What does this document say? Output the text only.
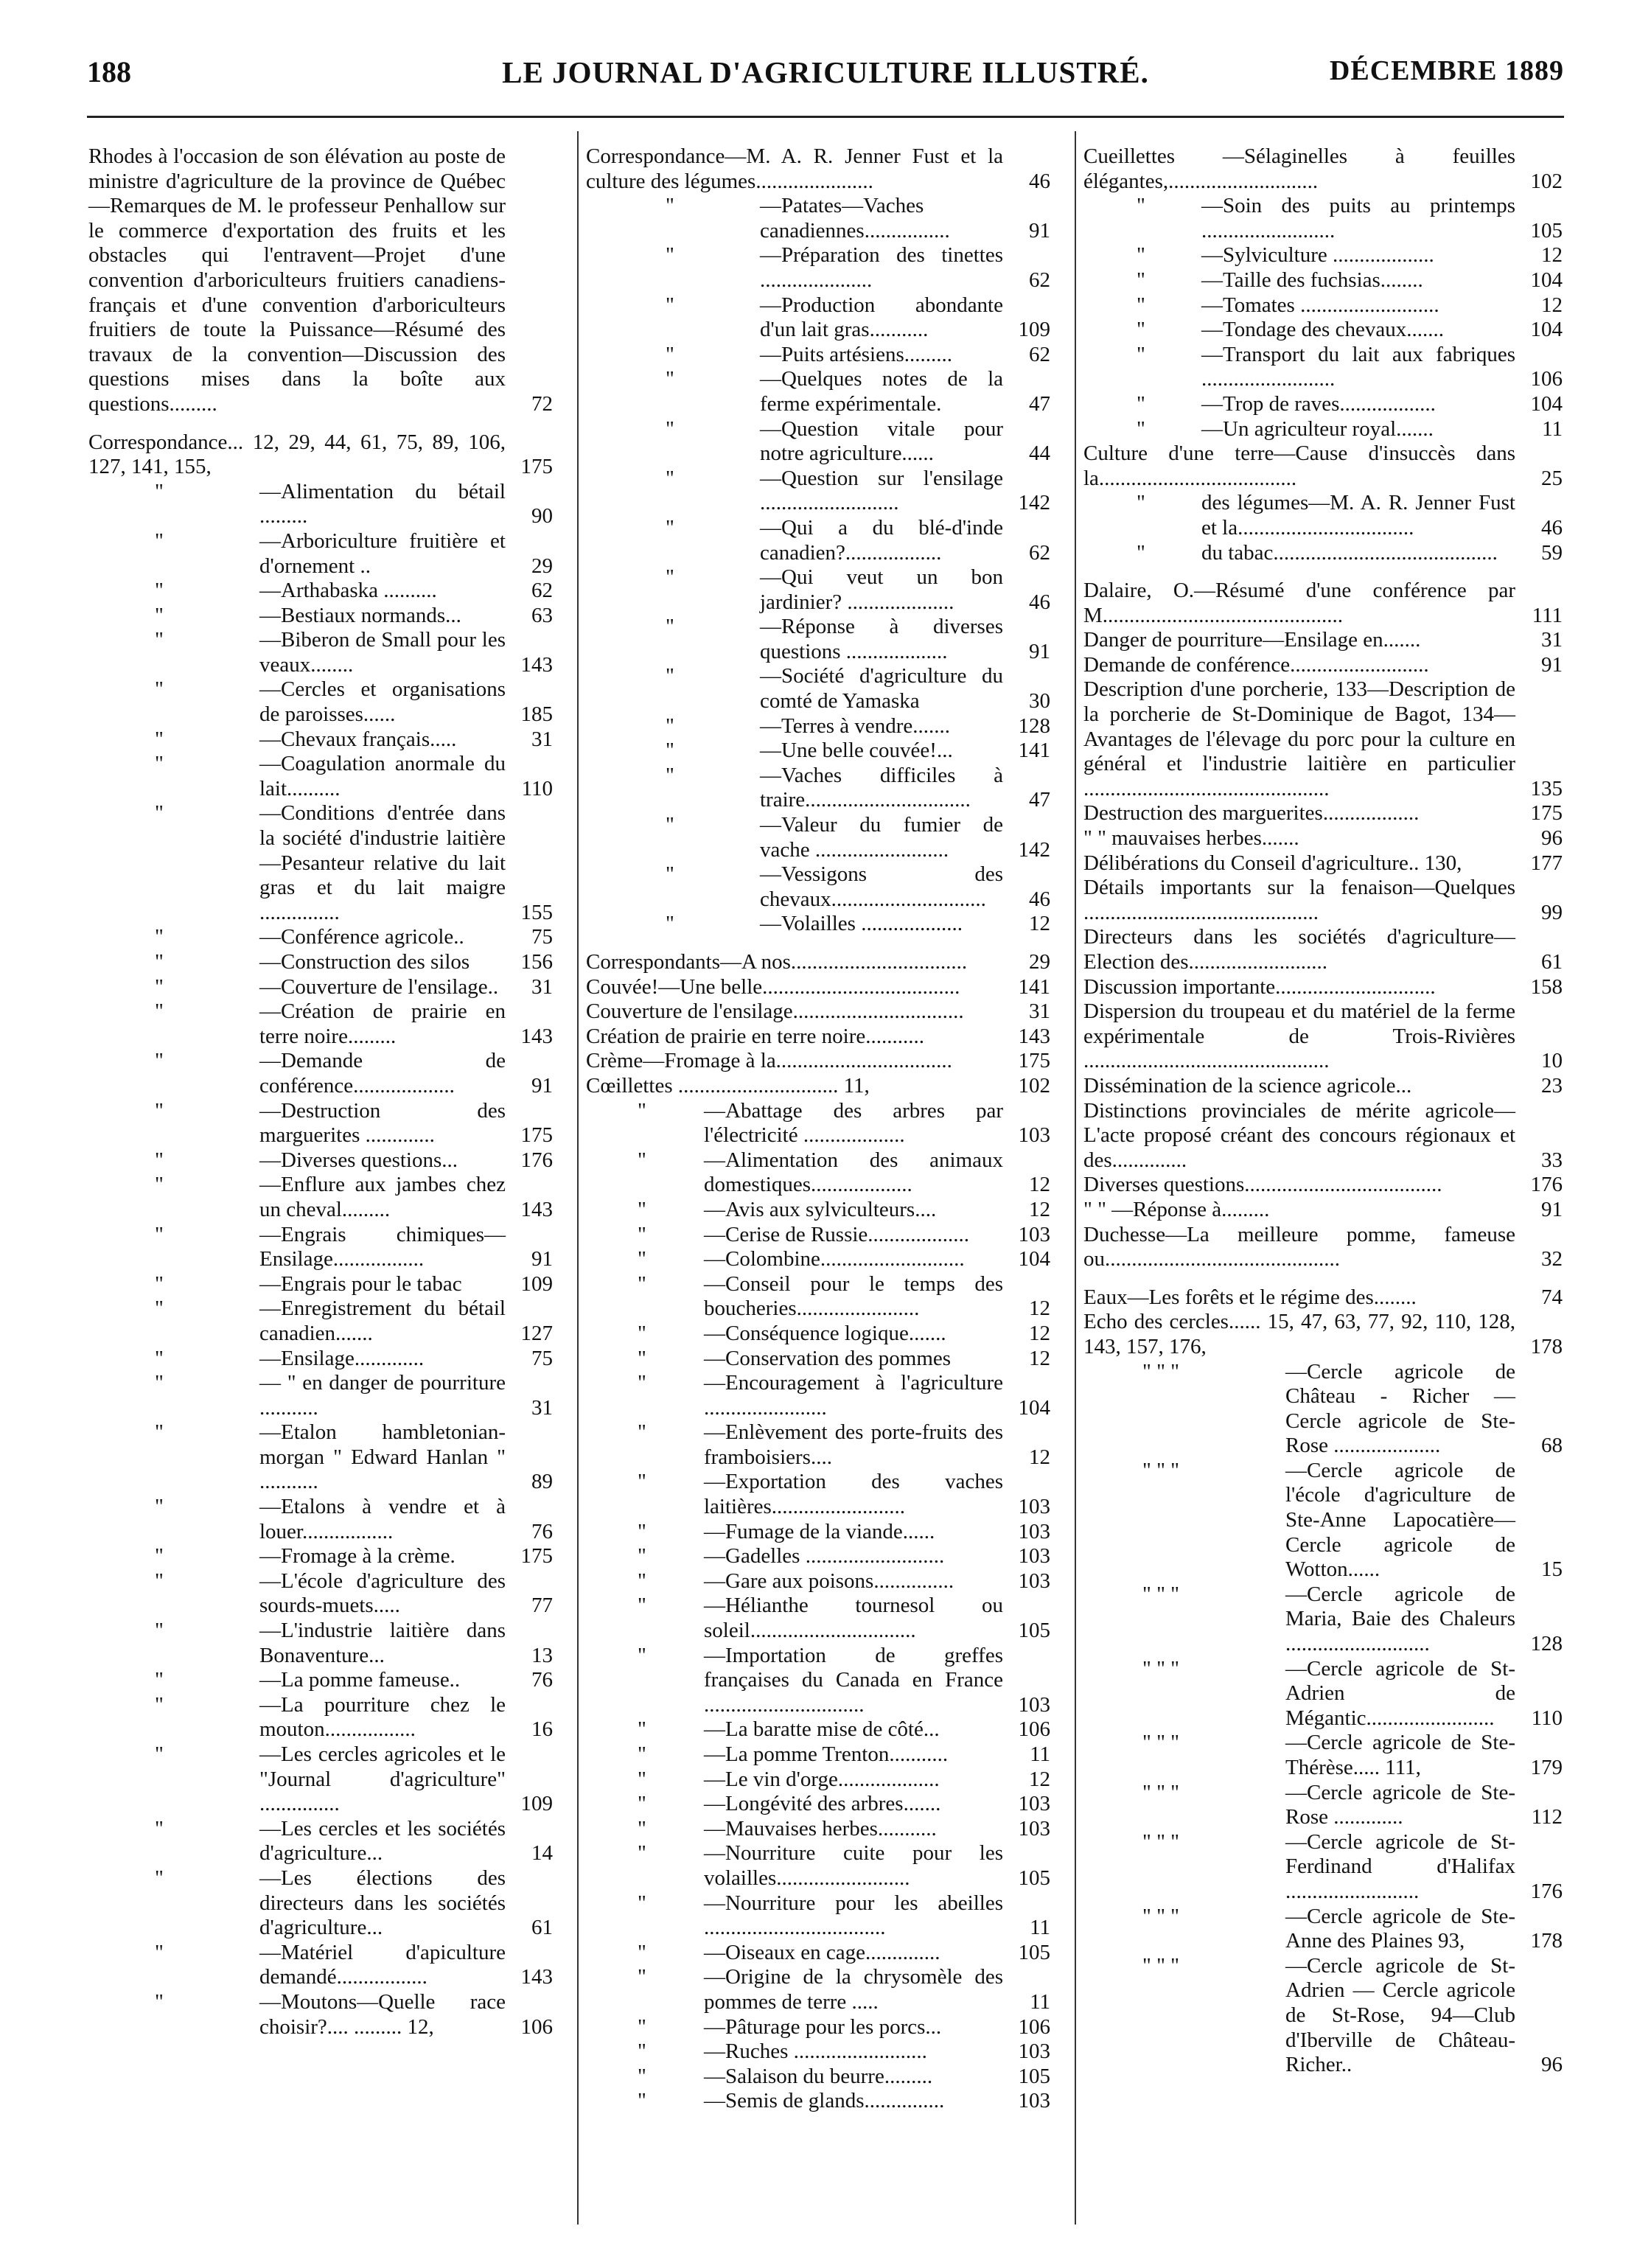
188	LE JOURNAL D'AGRICULTURE ILLUSTRÉ.	DÉCEMBRE 1889
Rhodes à l'occasion de son élévation au poste de ministre d'agriculture de la province de Québec—Remarques de M. le professeur Penhallow sur le commerce d'exportation des fruits et les obstacles qui l'entravent—Projet d'une convention d'arboriculteurs fruitiers canadiens-français et d'une convention d'arboriculteurs fruitiers de toute la Puissance—Résumé des travaux de la convention—Discussion des questions mises dans la boîte aux questions.........	72
Correspondance... 12, 29, 44, 61, 75, 89, 106, 127, 141, 155,	175
"	—Alimentation du bétail .........	90
"	—Arboriculture fruitière et d'ornement ..	29
"	—Arthabaska ..........	62
"	—Bestiaux normands...	63
"	—Biberon de Small pour les veaux........	143
"	—Cercles et organisations de paroisses......	185
"	—Chevaux français.....	31
"	—Coagulation anormale du lait..........	110
"	—Conditions d'entrée dans la société d'industrie laitière—Pesanteur relative du lait gras et du lait maigre ...............	155
"	—Conférence agricole..	75
"	—Construction des silos	156
"	—Couverture de l'ensilage..	31
"	—Création de prairie en terre noire.........	143
"	—Demande de conférence...................	91
"	—Destruction des marguerites .............	175
"	—Diverses questions...	176
"	—Enflure aux jambes chez un cheval.........	143
"	—Engrais chimiques—Ensilage.................	91
"	—Engrais pour le tabac	109
"	—Enregistrement du bétail canadien.......	127
"	—Ensilage.............	75
"	— " en danger de pourriture ...........	31
"	—Etalon hambletonian-morgan " Edward Hanlan " ...........	89
"	—Etalons à vendre et à louer.................	76
"	—Fromage à la crème.	175
"	—L'école d'agriculture des sourds-muets.....	77
"	—L'industrie laitière dans Bonaventure...	13
"	—La pomme fameuse..	76
"	—La pourriture chez le mouton.................	16
"	—Les cercles agricoles et le "Journal d'agriculture" ...............	109
"	—Les cercles et les sociétés d'agriculture...	14
"	—Les élections des directeurs dans les sociétés d'agriculture...	61
"	—Matériel d'apiculture demandé.................	143
"	—Moutons—Quelle race choisir?.... ......... 12,	106
Correspondance—M. A. R. Jenner Fust et la culture des légumes......................	46
"	—Patates—Vaches canadiennes................	91
"	—Préparation des tinettes .....................	62
"	—Production abondante d'un lait gras...........	109
"	—Puits artésiens.........	62
"	—Quelques notes de la ferme expérimentale.	47
"	—Question vitale pour notre agriculture......	44
"	—Question sur l'ensilage ..........................	142
"	—Qui a du blé-d'inde canadien?..................	62
"	—Qui veut un bon jardinier? ....................	46
"	—Réponse à diverses questions ...................	91
"	—Société d'agriculture du comté de Yamaska	30
"	—Terres à vendre.......	128
"	—Une belle couvée!...	141
"	—Vaches difficiles à traire...............................	47
"	—Valeur du fumier de vache .........................	142
"	—Vessigons des chevaux.............................	46
"	—Volailles ...................	12
Correspondants—A nos.................................	29
Couvée!—Une belle.....................................	141
Couverture de l'ensilage................................	31
Création de prairie en terre noire...........	143
Crème—Fromage à la.................................	175
Cœillettes .............................. 11,	102
"	—Abattage des arbres par l'électricité ...................	103
"	—Alimentation des animaux domestiques...................	12
"	—Avis aux sylviculteurs....	12
"	—Cerise de Russie...................	103
"	—Colombine...........................	104
"	—Conseil pour le temps des boucheries.......................	12
"	—Conséquence logique.......	12
"	—Conservation des pommes	12
"	—Encouragement à l'agriculture .......................	104
"	—Enlèvement des porte-fruits des framboisiers....	12
"	—Exportation des vaches laitières.........................	103
"	—Fumage de la viande......	103
"	—Gadelles ..........................	103
"	—Gare aux poisons...............	103
"	—Hélianthe tournesol ou soleil...............................	105
"	—Importation de greffes françaises du Canada en France ..............................	103
"	—La baratte mise de côté...	106
"	—La pomme Trenton...........	11
"	—Le vin d'orge...................	12
"	—Longévité des arbres.......	103
"	—Mauvaises herbes...........	103
"	—Nourriture cuite pour les volailles.........................	105
"	—Nourriture pour les abeilles ..................................	11
"	—Oiseaux en cage..............	105
"	—Origine de la chrysomèle des pommes de terre .....	11
"	—Pâturage pour les porcs...	106
"	—Ruches .........................	103
"	—Salaison du beurre.........	105
"	—Semis de glands...............	103
Cueillettes —Sélaginelles à feuilles élégantes,............................	102
"	—Soin des puits au printemps .........................	105
"	—Sylviculture ...................	12
"	—Taille des fuchsias........	104
"	—Tomates ..........................	12
"	—Tondage des chevaux.......	104
"	—Transport du lait aux fabriques .........................	106
"	—Trop de raves..................	104
"	—Un agriculteur royal.......	11
Culture d'une terre—Cause d'insuccès dans la.....................................	25
"	des légumes—M. A. R. Jenner Fust et la.................................	46
"	du tabac..........................................	59
Dalaire, O.—Résumé d'une conférence par M.............................................	111
Danger de pourriture—Ensilage en.......	31
Demande de conférence..........................	91
Description d'une porcherie, 133—Description de la porcherie de St-Dominique de Bagot, 134—Avantages de l'élevage du porc pour la culture en général et l'industrie laitière en particulier ..............................................	135
Destruction des marguerites..................	175
" " mauvaises herbes.......	96
Délibérations du Conseil d'agriculture.. 130,	177
Détails importants sur la fenaison—Quelques ............................................	99
Directeurs dans les sociétés d'agriculture—Election des..........................	61
Discussion importante..............................	158
Dispersion du troupeau et du matériel de la ferme expérimentale de Trois-Rivières ..............................................	10
Dissémination de la science agricole...	23
Distinctions provinciales de mérite agricole—L'acte proposé créant des concours régionaux et des..............	33
Diverses questions.....................................	176
" " —Réponse à.........	91
Duchesse—La meilleure pomme, fameuse ou............................................	32
Eaux—Les forêts et le régime des........	74
Echo des cercles...... 15, 47, 63, 77, 92, 110, 128, 143, 157, 176,	178
" " "	—Cercle agricole de Château - Richer — Cercle agricole de Ste-Rose ....................	68
" " "	—Cercle agricole de l'école d'agriculture de Ste-Anne Lapocatière— Cercle agricole de Wotton......	15
" " "	—Cercle agricole de Maria, Baie des Chaleurs ...........................	128
" " "	—Cercle agricole de St-Adrien de Mégantic........................	110
" " "	—Cercle agricole de Ste-Thérèse..... 111,	179
" " "	—Cercle agricole de Ste-Rose .............	112
" " "	—Cercle agricole de St-Ferdinand d'Halifax .........................	176
" " "	—Cercle agricole de Ste-Anne des Plaines 93,	178
" " "	—Cercle agricole de St-Adrien — Cercle agricole de St-Rose, 94—Club d'Iberville de Château-Richer..	96
